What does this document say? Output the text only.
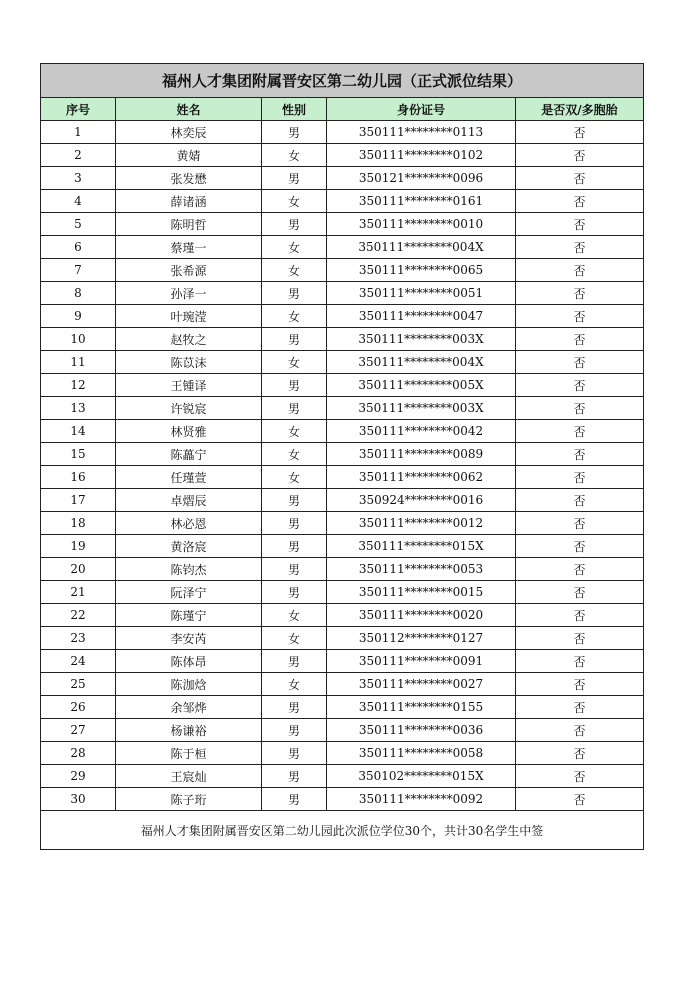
福州人才集团附属晋安区第二幼儿园（正式派位结果）				
序号	姓名	性别	身份证号	是否双/多胞胎
1	林奕辰	男	350111********0113	否
2	黄婧	女	350111********0102	否
3	张发懋	男	350121********0096	否
4	薛诸涵	女	350111********0161	否
5	陈明哲	男	350111********0010	否
6	蔡瑾一	女	350111********004X	否
7	张希源	女	350111********0065	否
8	孙泽一	男	350111********0051	否
9	叶琬滢	女	350111********0047	否
10	赵牧之	男	350111********003X	否
11	陈苡沫	女	350111********004X	否
12	王锺译	男	350111********005X	否
13	许锐宸	男	350111********003X	否
14	林贤雅	女	350111********0042	否
15	陈藟宁	女	350111********0089	否
16	任瑾萱	女	350111********0062	否
17	卓熠辰	男	350924********0016	否
18	林必恩	男	350111********0012	否
19	黄洛宸	男	350111********015X	否
20	陈钧杰	男	350111********0053	否
21	阮泽宁	男	350111********0015	否
22	陈瑾宁	女	350111********0020	否
23	李安芮	女	350112********0127	否
24	陈体昂	男	350111********0091	否
25	陈泇焓	女	350111********0027	否
26	余邹烨	男	350111********0155	否
27	杨谦裕	男	350111********0036	否
28	陈于桓	男	350111********0058	否
29	王宸灿	男	350102********015X	否
30	陈子珩	男	350111********0092	否
福州人才集团附属晋安区第二幼儿园此次派位学位30个，共计30名学生中签				
